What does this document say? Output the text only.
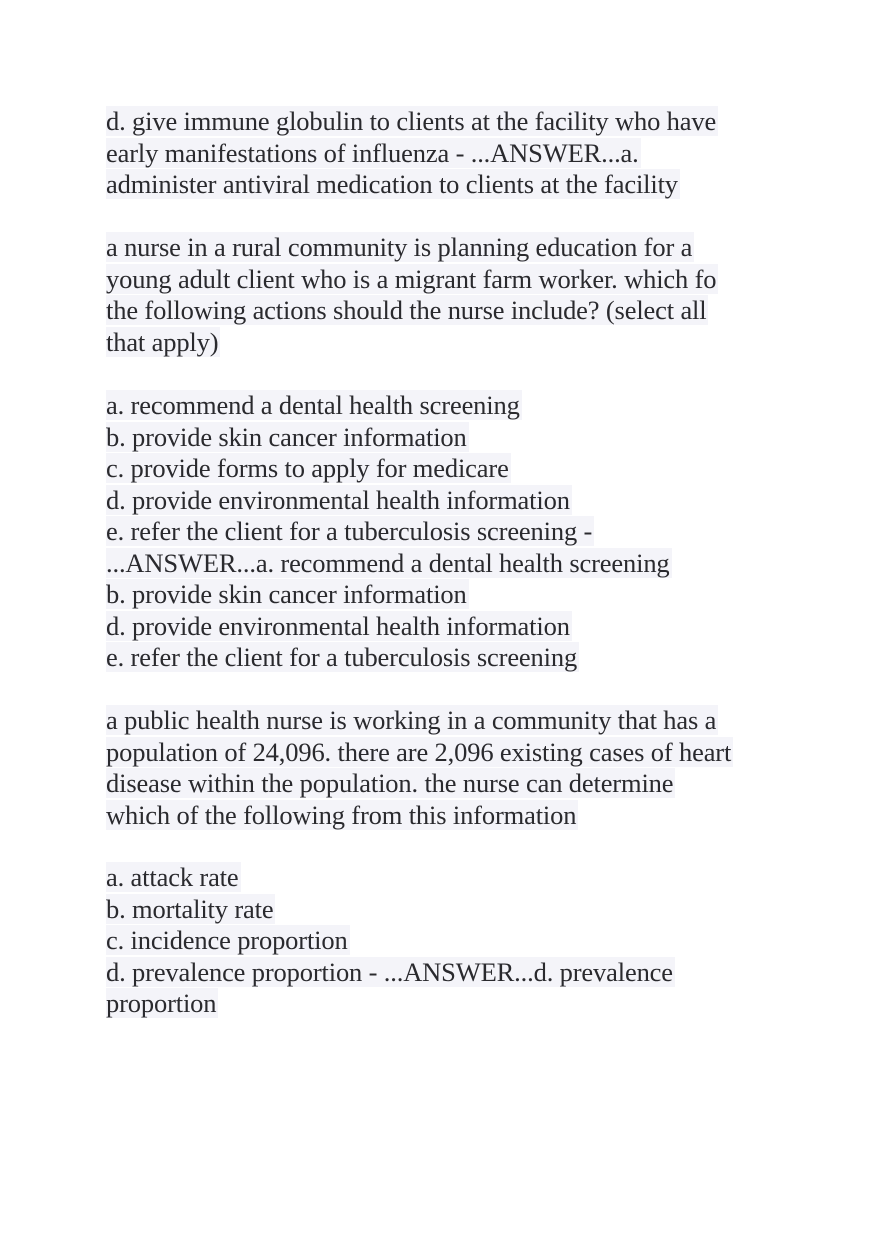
d. give immune globulin to clients at the facility who have
early manifestations of influenza - ...ANSWER...a.
administer antiviral medication to clients at the facility
a nurse in a rural community is planning education for a
young adult client who is a migrant farm worker. which fo
the following actions should the nurse include? (select all
that apply)
a. recommend a dental health screening
b. provide skin cancer information
c. provide forms to apply for medicare
d. provide environmental health information
e. refer the client for a tuberculosis screening -
...ANSWER...a. recommend a dental health screening
b. provide skin cancer information
d. provide environmental health information
e. refer the client for a tuberculosis screening
a public health nurse is working in a community that has a
population of 24,096. there are 2,096 existing cases of heart
disease within the population. the nurse can determine
which of the following from this information
a. attack rate
b. mortality rate
c. incidence proportion
d. prevalence proportion - ...ANSWER...d. prevalence
proportion
